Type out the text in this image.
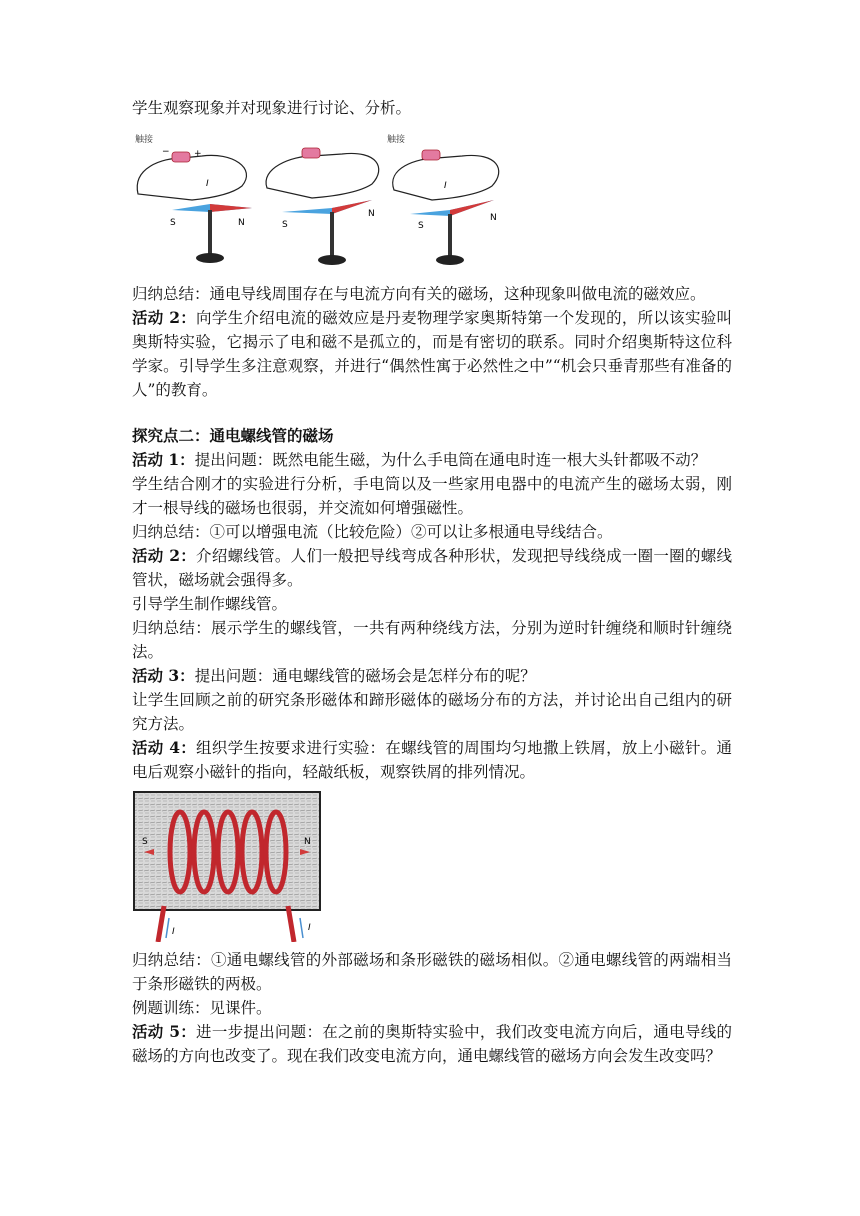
学生观察现象并对现象进行讨论、分析。

触接
−	+
I
S	N	S
N
触接
I
S
N

归纳总结：通电导线周围存在与电流方向有关的磁场，这种现象叫做电流的磁效应。

活动 2：向学生介绍电流的磁效应是丹麦物理学家奥斯特第一个发现的，所以该实验叫奥斯特实验，它揭示了电和磁不是孤立的，而是有密切的联系。同时介绍奥斯特这位科学家。引导学生多注意观察，并进行“偶然性寓于必然性之中”“机会只垂青那些有准备的人”的教育。

探究点二：通电螺线管的磁场

活动 1：提出问题：既然电能生磁，为什么手电筒在通电时连一根大头针都吸不动？

学生结合刚才的实验进行分析，手电筒以及一些家用电器中的电流产生的磁场太弱，刚才一根导线的磁场也很弱，并交流如何增强磁性。

归纳总结：①可以增强电流（比较危险）②可以让多根通电导线结合。

活动 2：介绍螺线管。人们一般把导线弯成各种形状，发现把导线绕成一圈一圈的螺线管状，磁场就会强得多。

引导学生制作螺线管。

归纳总结：展示学生的螺线管，一共有两种绕线方法，分别为逆时针缠绕和顺时针缠绕法。

活动 3：提出问题：通电螺线管的磁场会是怎样分布的呢？

让学生回顾之前的研究条形磁体和蹄形磁体的磁场分布的方法，并讨论出自己组内的研究方法。

活动 4：组织学生按要求进行实验：在螺线管的周围均匀地撒上铁屑，放上小磁针。通电后观察小磁针的指向，轻敲纸板，观察铁屑的排列情况。

S	N
I	I

归纳总结：①通电螺线管的外部磁场和条形磁铁的磁场相似。②通电螺线管的两端相当于条形磁铁的两极。

例题训练：见课件。

活动 5：进一步提出问题：在之前的奥斯特实验中，我们改变电流方向后，通电导线的磁场的方向也改变了。现在我们改变电流方向，通电螺线管的磁场方向会发生改变吗？
